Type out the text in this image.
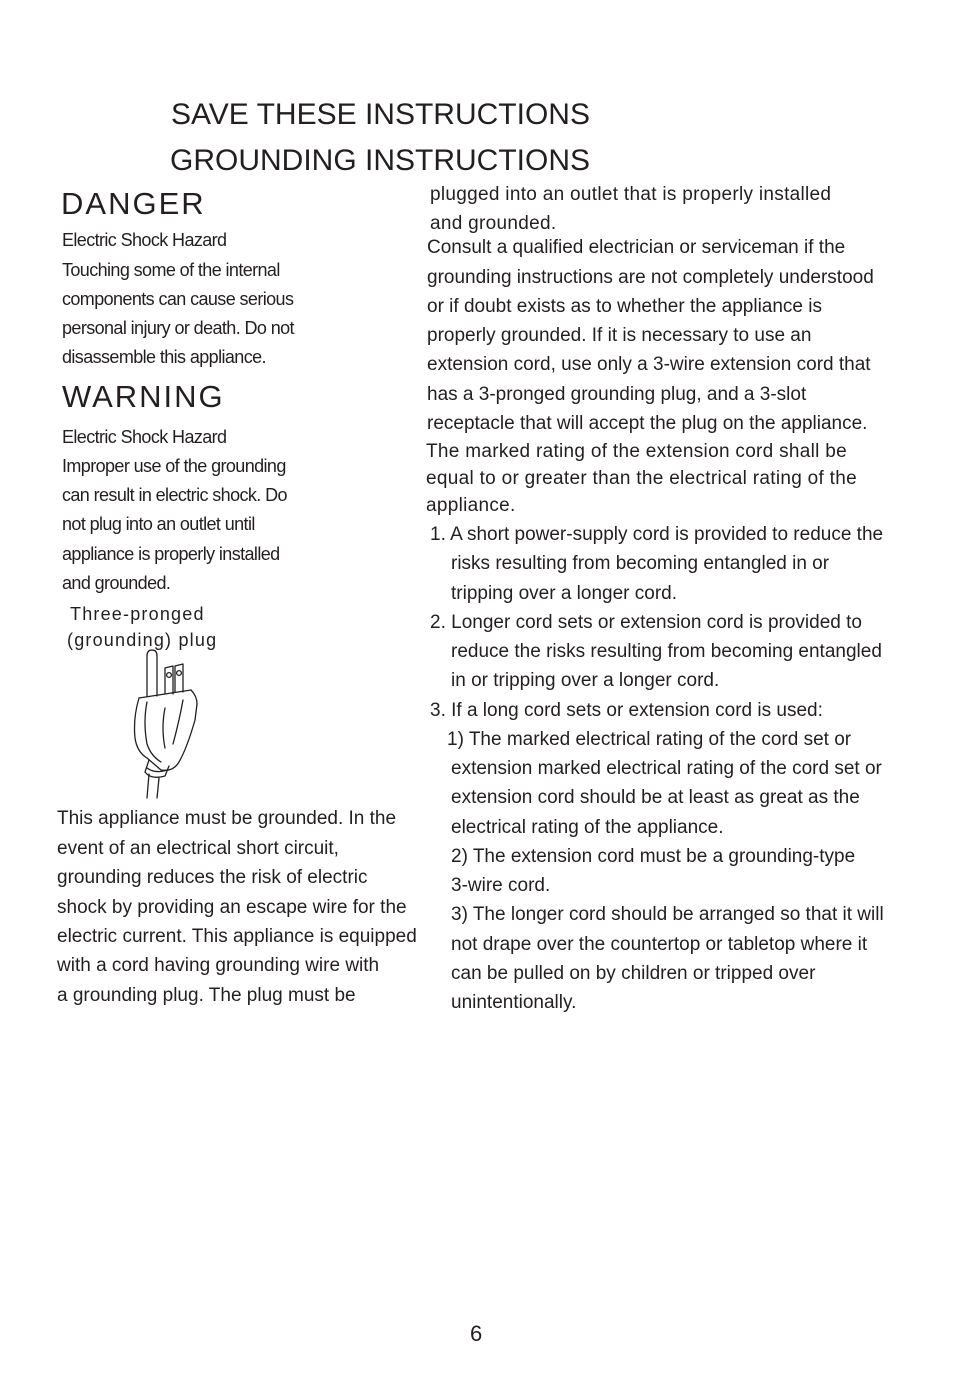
SAVE THESE INSTRUCTIONS
GROUNDING INSTRUCTIONS
DANGER
Electric Shock Hazard
Touching some of the internal
components can cause serious
personal injury or death. Do not
disassemble this appliance.
WARNING
Electric Shock Hazard
Improper use of the grounding
can result in electric shock. Do
not plug into an outlet until
appliance is properly installed
and grounded.
Three-pronged
(grounding) plug
This appliance must be grounded. In the
event of an electrical short circuit,
grounding reduces the risk of electric
shock by providing an escape wire for the
electric current. This appliance is equipped
with a cord having grounding wire with
a grounding plug. The plug must be
plugged into an outlet that is properly installed
and grounded.
Consult a qualified electrician or serviceman if the
grounding instructions are not completely understood
or if doubt exists as to whether the appliance is
properly grounded. If it is necessary to use an
extension cord, use only a 3-wire extension cord that
has a 3-pronged grounding plug, and a 3-slot
receptacle that will accept the plug on the appliance.
The marked rating of the extension cord shall be
equal to or greater than the electrical rating of the
appliance.
1. A short power-supply cord is provided to reduce the
risks resulting from becoming entangled in or
tripping over a longer cord.
2. Longer cord sets or extension cord is provided to
reduce the risks resulting from becoming entangled
in or tripping over a longer cord.
3. If a long cord sets or extension cord is used:
1) The marked electrical rating of the cord set or
extension marked electrical rating of the cord set or
extension cord should be at least as great as the
electrical rating of the appliance.
2) The extension cord must be a grounding-type
3-wire cord.
3) The longer cord should be arranged so that it will
not drape over the countertop or tabletop where it
can be pulled on by children or tripped over
unintentionally.
6
